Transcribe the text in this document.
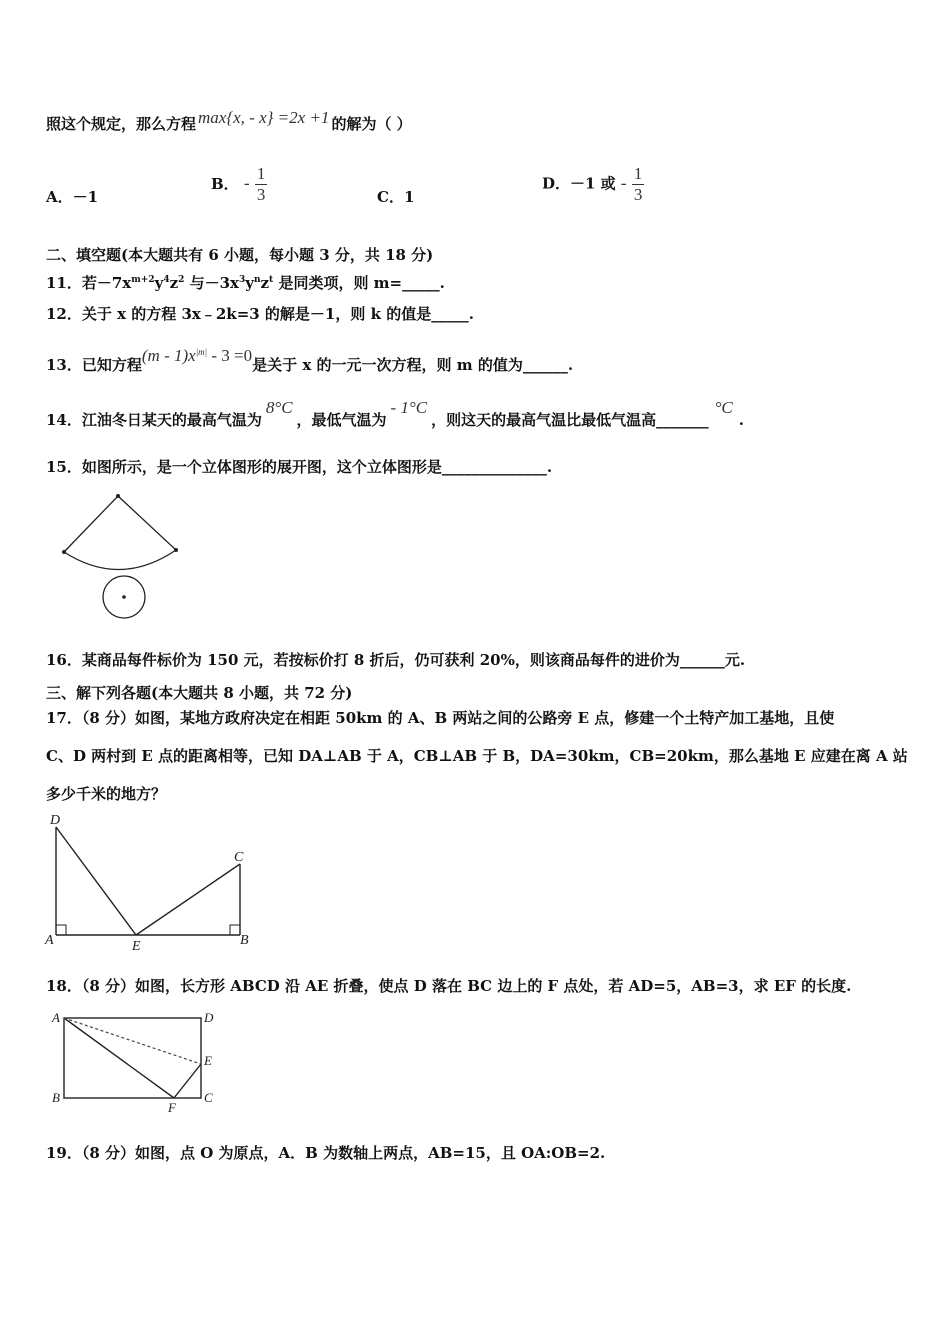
照这个规定，那么方程 max{x, - x} =2x +1 的解为（ ）
A．－1
B． - $\frac{1}{3}$	C．1
D．－1 或 - $\frac{1}{3}$
二、填空题(本大题共有 6 小题，每小题 3 分，共 18 分)
11．若$-7x^{m+2}y^4z^2$ 与$-3x^3y^nz^t$ 是同类项，则 m=_____.
12．关于 x 的方程 3x﹣2k=3 的解是－1，则 k 的值是_____.
13．已知方程$(m - 1)x^{|m|} - 3 =0$是关于 x 的一元一次方程，则 m 的值为______.
14．江油冬日某天的最高气温为8°C，最低气温为- 1°C，则这天的最高气温比最低气温高_______°C.
15．如图所示，是一个立体图形的展开图，这个立体图形是______________.
16．某商品每件标价为 150 元，若按标价打 8 折后，仍可获利 20%，则该商品每件的进价为______元.
三、解下列各题(本大题共 8 小题，共 72 分)
17．（8 分）如图，某地方政府决定在相距 50km 的 A、B 两站之间的公路旁 E 点，修建一个土特产加工基地，且使
C、D 两村到 E 点的距离相等，已知 DA⊥AB 于 A，CB⊥AB 于 B，DA=30km，CB=20km，那么基地 E 应建在离 A 站
多少千米的地方？
D
C
A	E	B
18．（8 分）如图，长方形 ABCD 沿 AE 折叠，使点 D 落在 BC 边上的 F 点处，若 AD=5，AB=3，求 EF 的长度.
A	D
E
B
F
C
19．（8 分）如图，点 O 为原点，A．B 为数轴上两点，AB=15，且 OA:OB=2.
